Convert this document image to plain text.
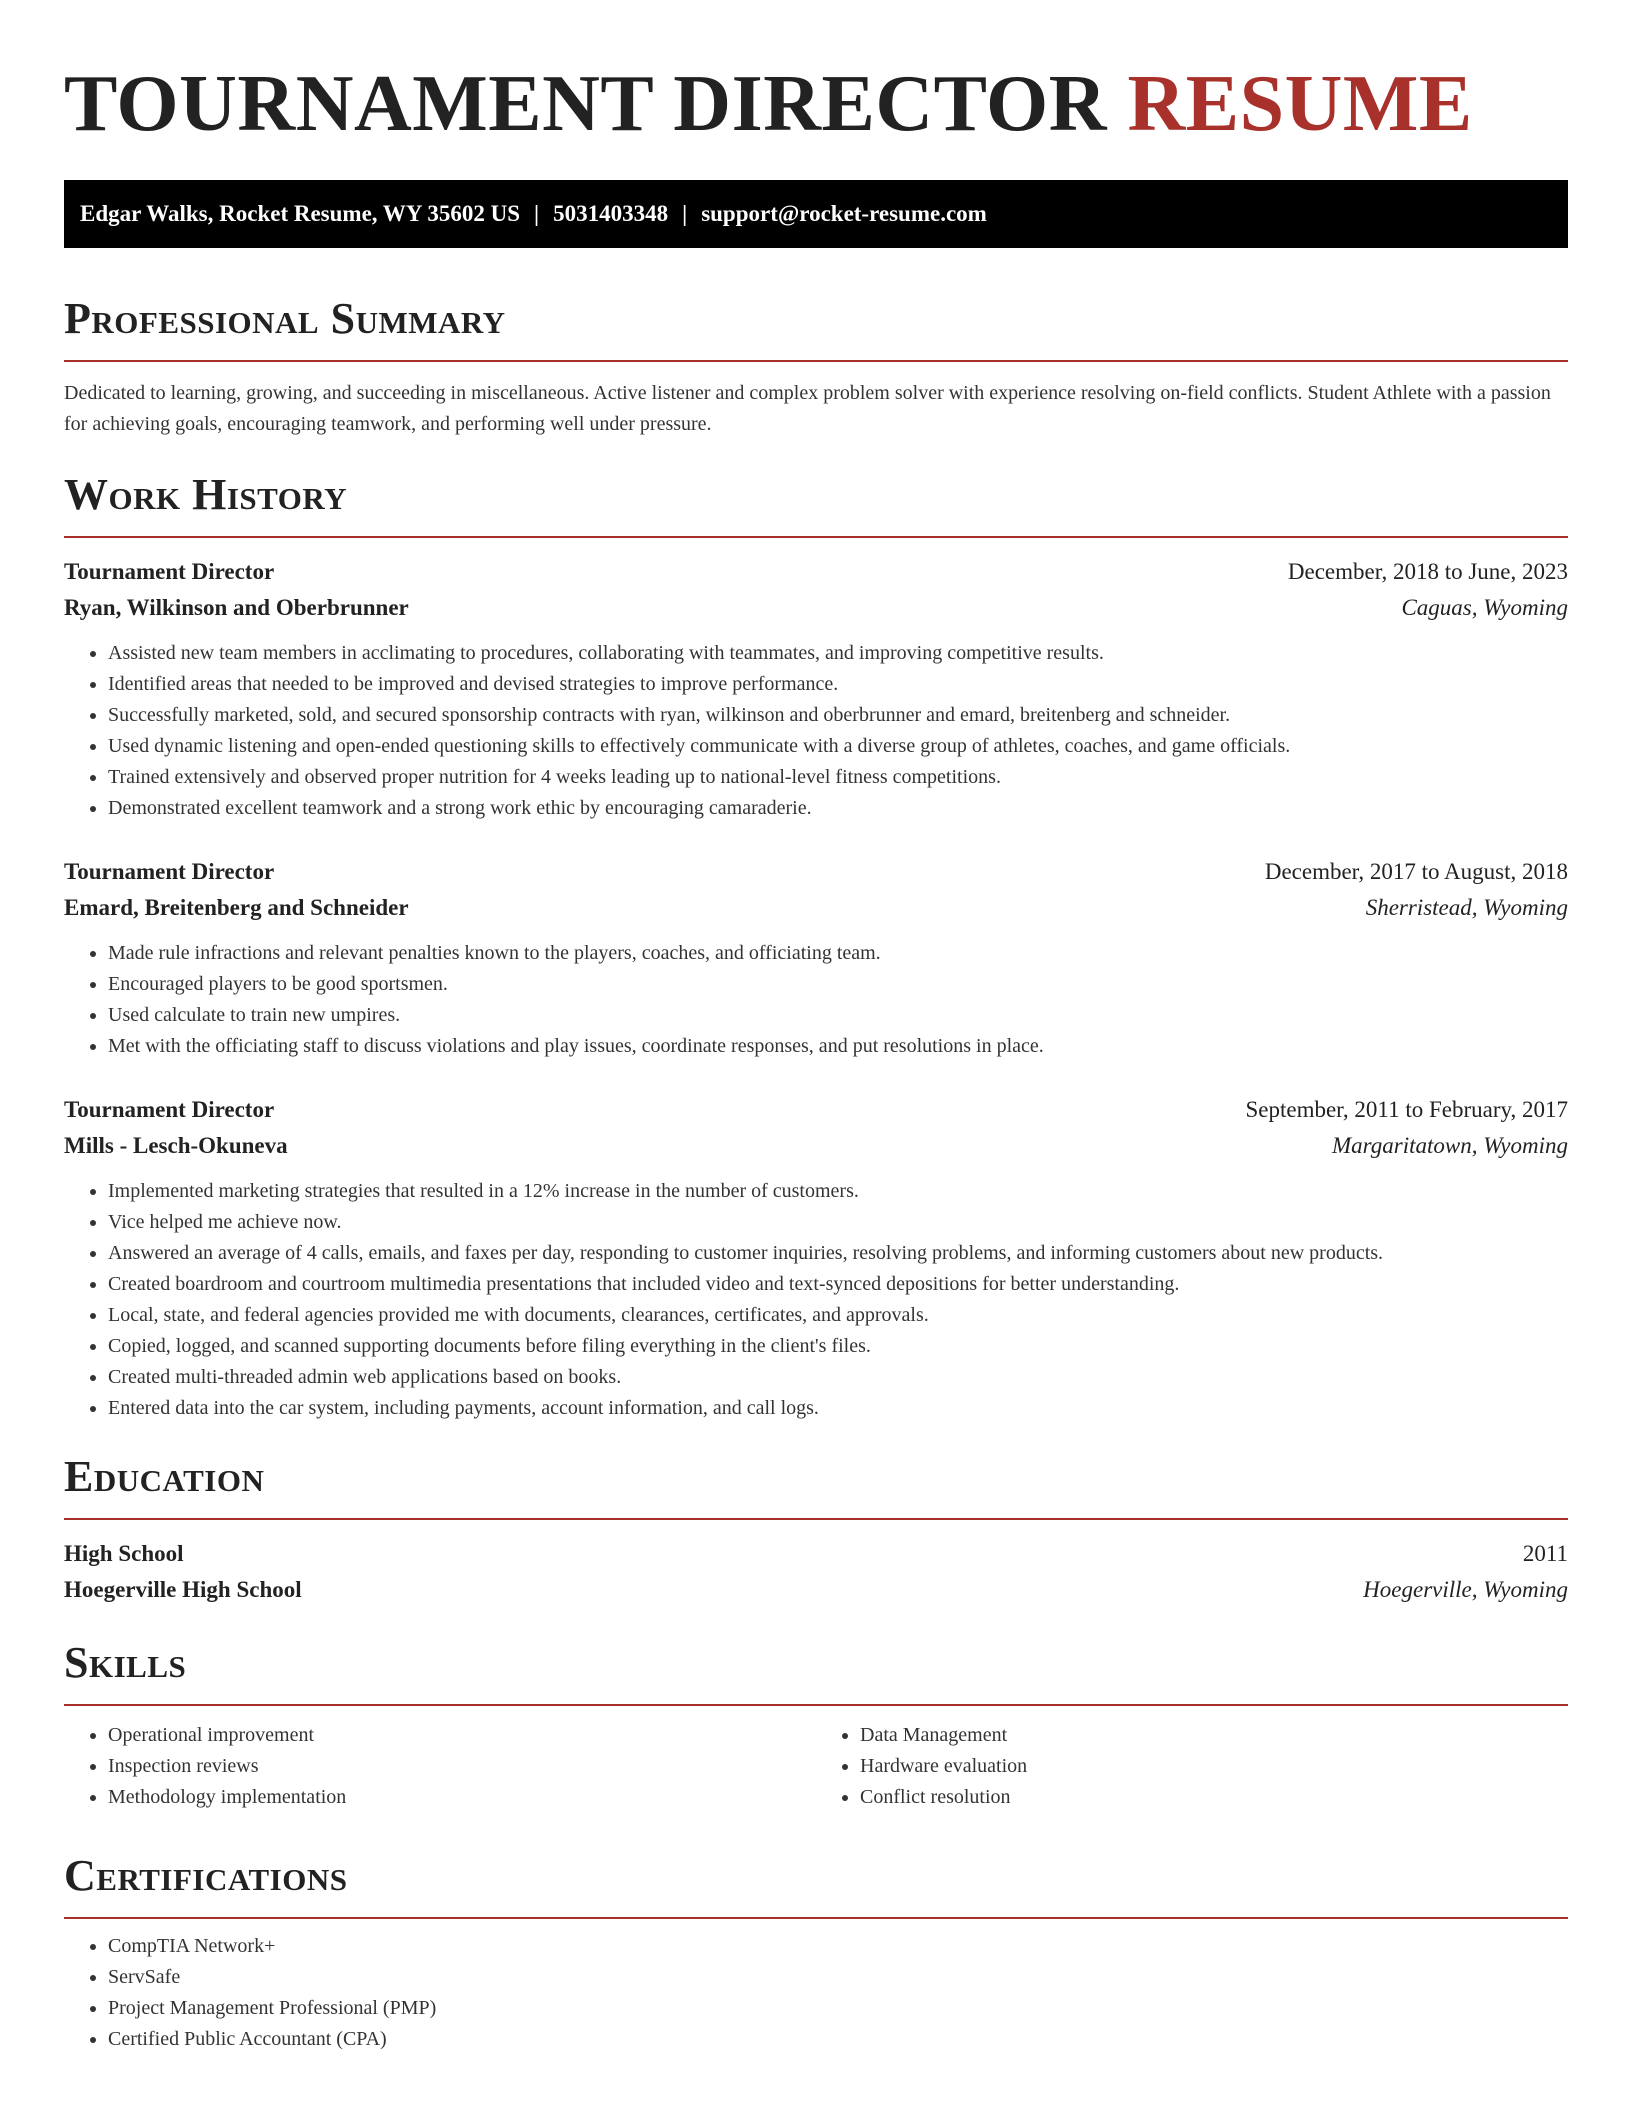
TOURNAMENT DIRECTOR RESUME
Edgar Walks, Rocket Resume, WY 35602 US | 5031403348 | support@rocket-resume.com
Professional Summary

Dedicated to learning, growing, and succeeding in miscellaneous. Active listener and complex problem solver with experience resolving on-field conflicts. Student Athlete with a passion for achieving goals, encouraging teamwork, and performing well under pressure.

Work History
Tournament Director	December, 2018 to June, 2023
Ryan, Wilkinson and Oberbrunner	Caguas, Wyoming
• Assisted new team members in acclimating to procedures, collaborating with teammates, and improving competitive results.
• Identified areas that needed to be improved and devised strategies to improve performance.
• Successfully marketed, sold, and secured sponsorship contracts with ryan, wilkinson and oberbrunner and emard, breitenberg and schneider.
• Used dynamic listening and open-ended questioning skills to effectively communicate with a diverse group of athletes, coaches, and game officials.
• Trained extensively and observed proper nutrition for 4 weeks leading up to national-level fitness competitions.
• Demonstrated excellent teamwork and a strong work ethic by encouraging camaraderie.
Tournament Director	December, 2017 to August, 2018
Emard, Breitenberg and Schneider	Sherristead, Wyoming
• Made rule infractions and relevant penalties known to the players, coaches, and officiating team.
• Encouraged players to be good sportsmen.
• Used calculate to train new umpires.
• Met with the officiating staff to discuss violations and play issues, coordinate responses, and put resolutions in place.
Tournament Director	September, 2011 to February, 2017
Mills - Lesch-Okuneva	Margaritatown, Wyoming
• Implemented marketing strategies that resulted in a 12% increase in the number of customers.
• Vice helped me achieve now.
• Answered an average of 4 calls, emails, and faxes per day, responding to customer inquiries, resolving problems, and informing customers about new products.
• Created boardroom and courtroom multimedia presentations that included video and text-synced depositions for better understanding.
• Local, state, and federal agencies provided me with documents, clearances, certificates, and approvals.
• Copied, logged, and scanned supporting documents before filing everything in the client's files.
• Created multi-threaded admin web applications based on books.
• Entered data into the car system, including payments, account information, and call logs.
Education
High School	2011
Hoegerville High School	Hoegerville, Wyoming
Skills
• Operational improvement
• Inspection reviews
• Methodology implementation
• Data Management
• Hardware evaluation
• Conflict resolution
Certifications
• CompTIA Network+
• ServSafe
• Project Management Professional (PMP)
• Certified Public Accountant (CPA)
